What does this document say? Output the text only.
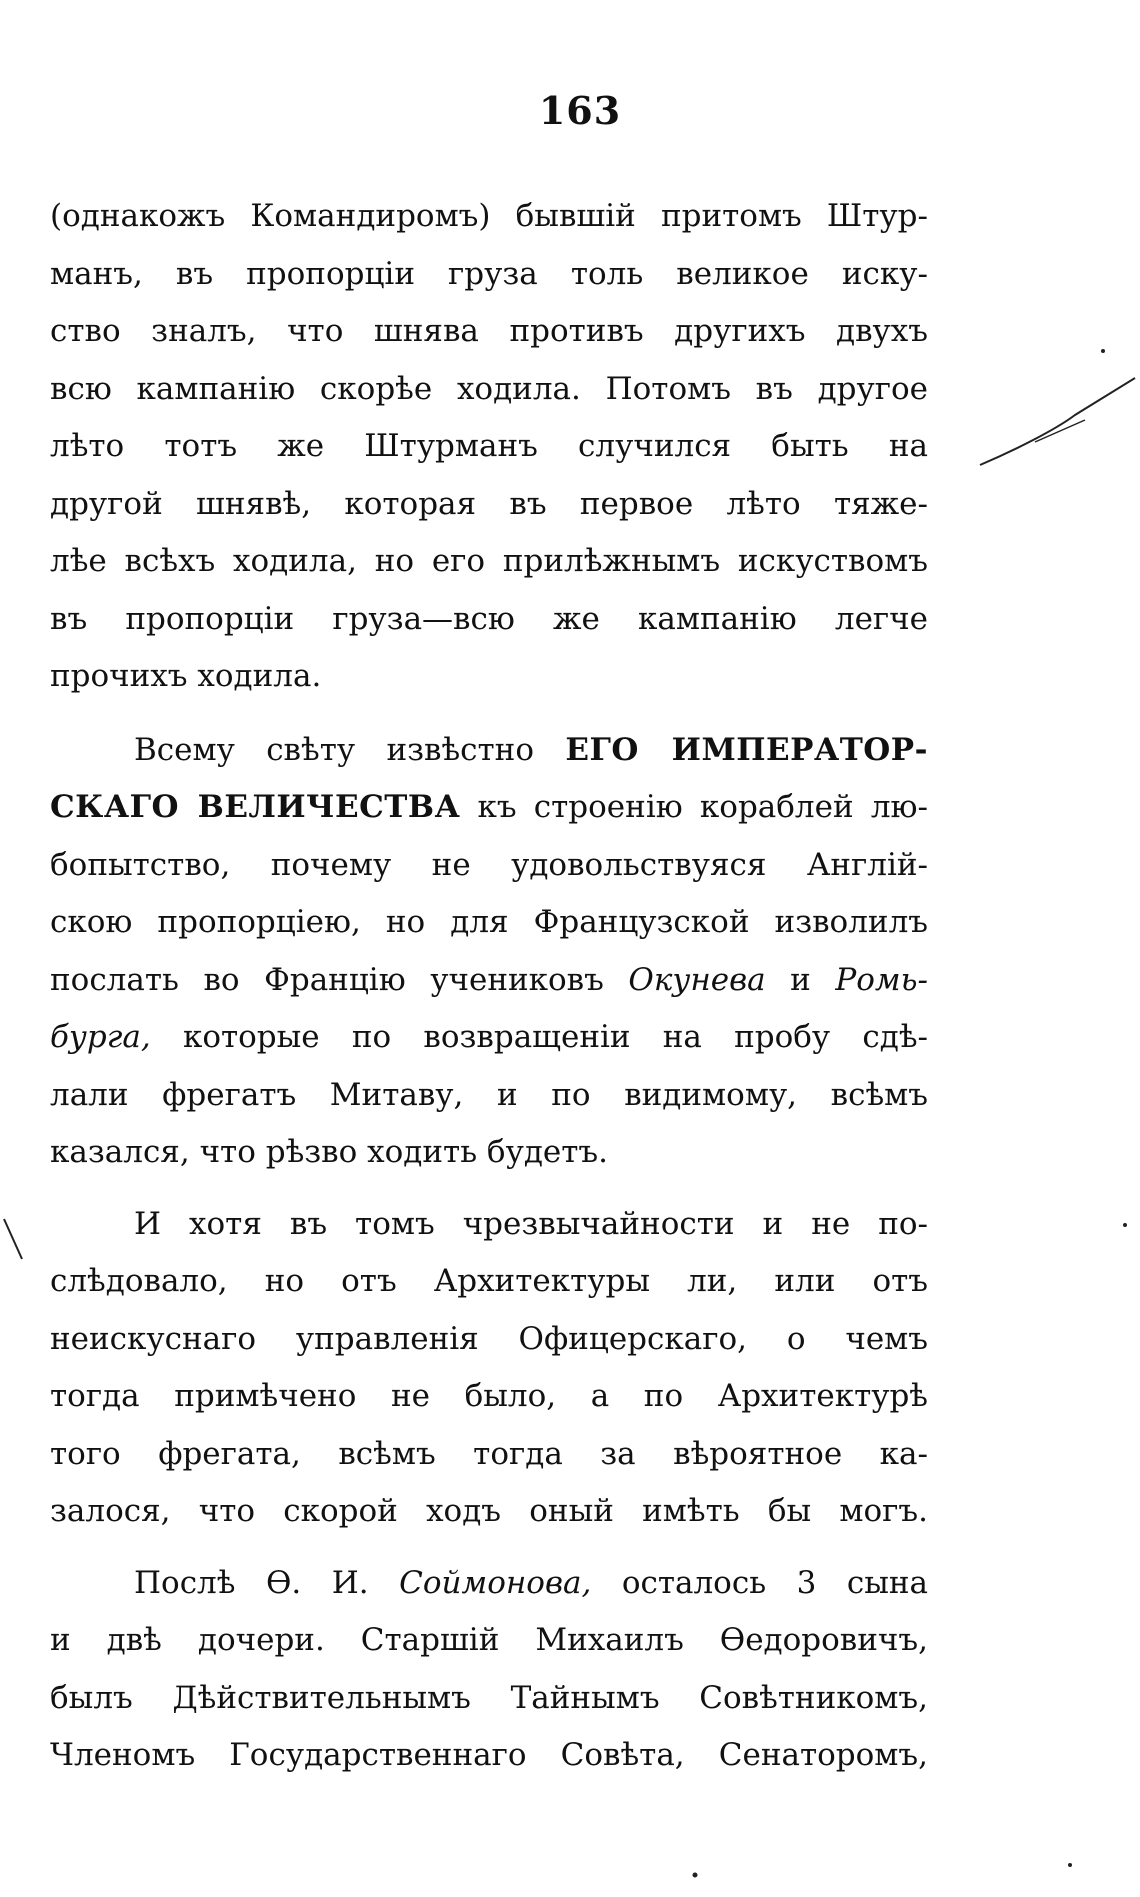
163
(однакожъ Командиромъ) бывшій притомъ Штур-
манъ, въ пропорціи груза толь великое иску-
ство зналъ, что шнява противъ другихъ двухъ
всю кампанію скорѣе ходила. Потомъ въ другое
лѣто тотъ же Штурманъ случился быть на
другой шнявѣ, которая въ первое лѣто тяже-
лѣе всѣхъ ходила, но его прилѣжнымъ искуствомъ
въ пропорціи груза—всю же кампанію легче
прочихъ ходила.
Всему свѣту извѣстно ЕГО ИМПЕРАТОР-
СКАГО ВЕЛИЧЕСТВА къ строенію кораблей лю-
бопытство, почему не удовольствуяся Англій-
скою пропорціею, но для Французской изволилъ
послать во Францію учениковъ Окунева и Ромь-
бурга, которые по возвращеніи на пробу сдѣ-
лали фрегатъ Митаву, и по видимому, всѣмъ
казался, что рѣзво ходить будетъ.
И хотя въ томъ чрезвычайности и не по-
слѣдовало, но отъ Архитектуры ли, или отъ
неискуснаго управленія Офицерскаго, о чемъ
тогда примѣчено не было, а по Архитектурѣ
того фрегата, всѣмъ тогда за вѣроятное ка-
залося, что скорой ходъ оный имѣть бы могъ.
Послѣ Ѳ. И. Соймонова, осталось 3 сына
и двѣ дочери. Старшій Михаилъ Ѳедоровичъ,
былъ Дѣйствительнымъ Тайнымъ Совѣтникомъ,
Членомъ Государственнаго Совѣта, Сенаторомъ,
